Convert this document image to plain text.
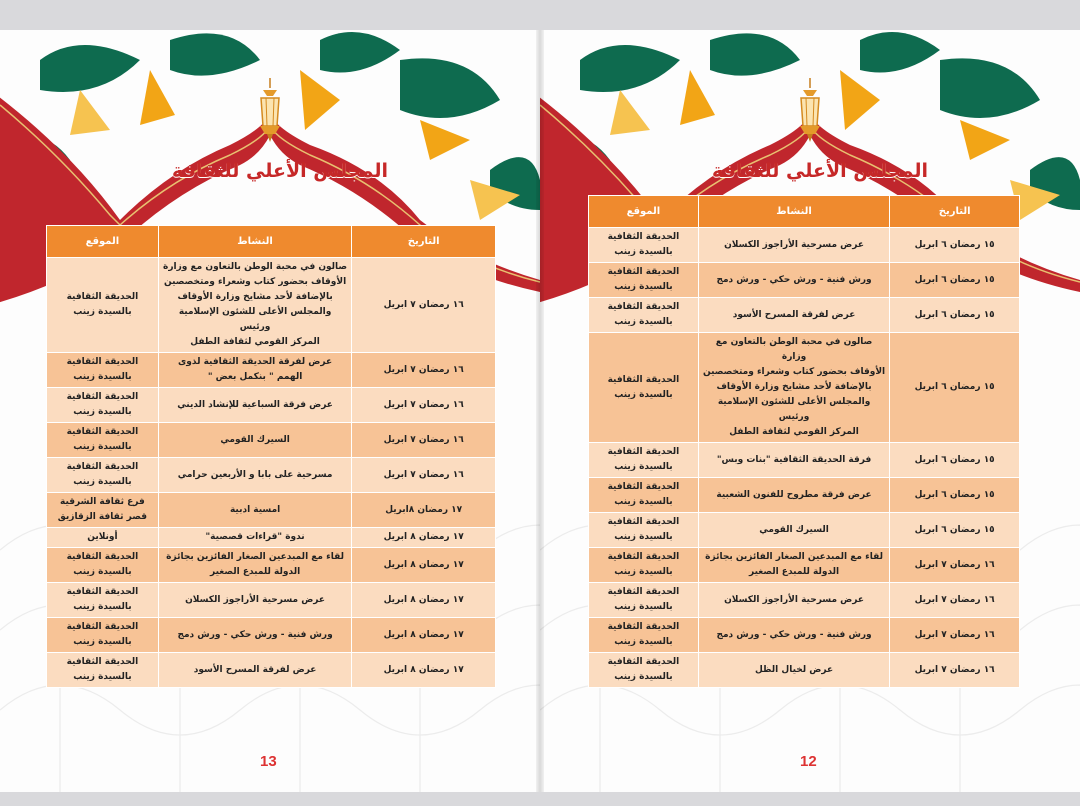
المجلس الأعلي للثقافة
التاريخ	النشاط	الموقع
١٦ رمضان ٧ ابريل	صالون في محبة الوطن بالتعاون مع وزارة
الأوقاف بحضور كتاب وشعراء ومتخصصين
بالإضافة لأحد مشايخ وزارة الأوقاف
والمجلس الأعلى للشئون الإسلامية ورئيس
المركز القومي لثقافة الطفل	الحديقة الثقافية
بالسيدة زينب
١٦ رمضان ٧ ابريل	عرض لفرقة الحديقة الثقافية لذوى
الهمم " بنكمل بعض "	الحديقة الثقافية
بالسيدة زينب
١٦ رمضان ٧ ابريل	عرض فرقة السباعية للإنشاد الديني	الحديقة الثقافية
بالسيدة زينب
١٦ رمضان ٧ ابريل	السيرك القومي	الحديقة الثقافية
بالسيدة زينب
١٦ رمضان ٧ ابريل	مسرحية على بابا و الأربعين حرامي	الحديقة الثقافية
بالسيدة زينب
١٧ رمضان ٨ابريل	امسية ادبية	فرع ثقافة الشرقية
قصر ثقافة الزقازيق
١٧ رمضان ٨ ابريل	ندوة "قراءات قصصية"	أونلاين
١٧ رمضان ٨ ابريل	لقاء مع المبدعين الصغار الفائزين بجائزة
الدولة للمبدع الصغير	الحديقة الثقافية
بالسيدة زينب
١٧ رمضان ٨ ابريل	عرض مسرحية الأراجوز الكسلان	الحديقة الثقافية
بالسيدة زينب
١٧ رمضان ٨ ابريل	ورش فنية - ورش حكي - ورش دمج	الحديقة الثقافية
بالسيدة زينب
١٧ رمضان ٨ ابريل	عرض لفرقة المسرح الأسود	الحديقة الثقافية
بالسيدة زينب
13
المجلس الأعلي للثقافة
التاريخ	النشاط	الموقع
١٥ رمضان ٦ ابريل	عرض مسرحية الأراجوز الكسلان	الحديقة الثقافية
بالسيدة زينب
١٥ رمضان ٦ ابريل	ورش فنية - ورش حكي - ورش دمج	الحديقة الثقافية
بالسيدة زينب
١٥ رمضان ٦ ابريل	عرض لفرقة المسرح الأسود	الحديقة الثقافية
بالسيدة زينب
١٥ رمضان ٦ ابريل	صالون في محبة الوطن بالتعاون مع وزارة
الأوقاف بحضور كتاب وشعراء ومتخصصين
بالإضافة لأحد مشايخ وزارة الأوقاف
والمجلس الأعلى للشئون الإسلامية ورئيس
المركز القومي لثقافة الطفل	الحديقة الثقافية
بالسيدة زينب
١٥ رمضان ٦ ابريل	فرقة الحديقة الثقافية "بنات وبس"	الحديقة الثقافية
بالسيدة زينب
١٥ رمضان ٦ ابريل	عرض فرقة مطروح للفنون الشعبية	الحديقة الثقافية
بالسيدة زينب
١٥ رمضان ٦ ابريل	السيرك القومي	الحديقة الثقافية
بالسيدة زينب
١٦ رمضان ٧ ابريل	لقاء مع المبدعين الصغار الفائزين بجائزة
الدولة للمبدع الصغير	الحديقة الثقافية
بالسيدة زينب
١٦ رمضان ٧ ابريل	عرض مسرحية الأراجوز الكسلان	الحديقة الثقافية
بالسيدة زينب
١٦ رمضان ٧ ابريل	ورش فنية - ورش حكي - ورش دمج	الحديقة الثقافية
بالسيدة زينب
١٦ رمضان ٧ ابريل	عرض لخيال الظل	الحديقة الثقافية
بالسيدة زينب
12
